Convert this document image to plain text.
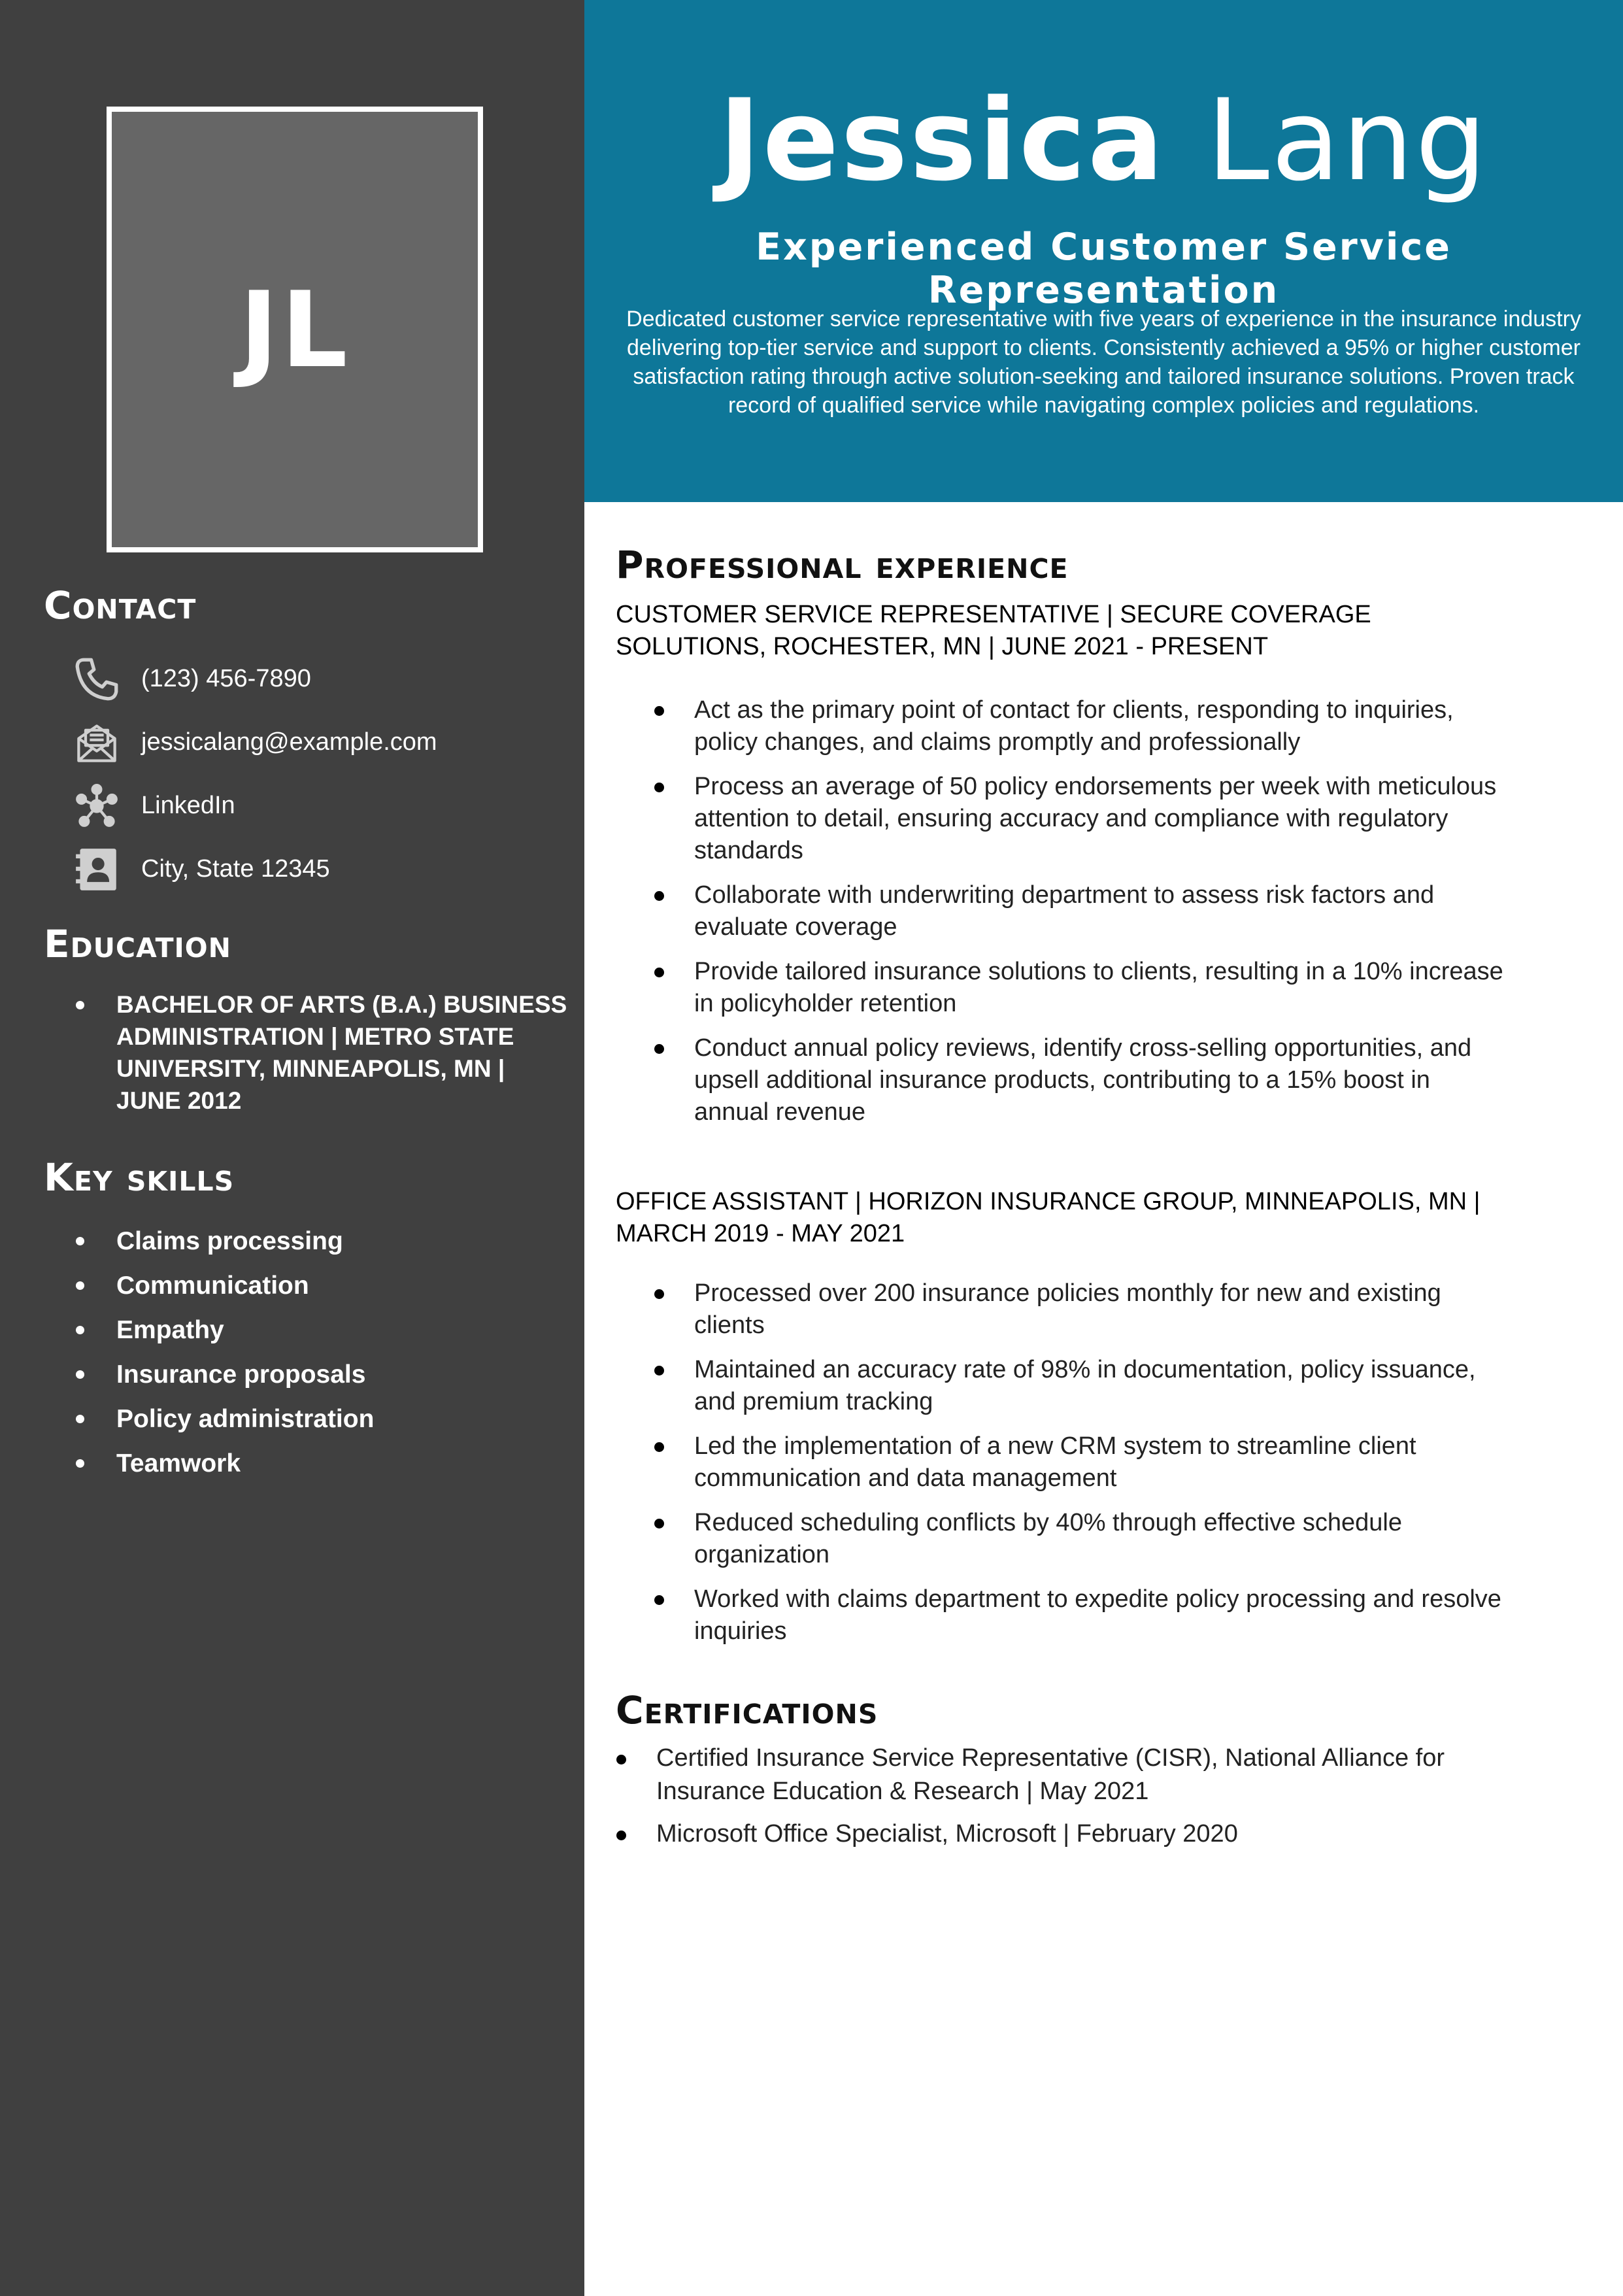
JL
Contact
(123) 456-7890
jessicalang@example.com
LinkedIn
City, State 12345
Education
BACHELOR OF ARTS (B.A.) BUSINESS ADMINISTRATION | METRO STATE UNIVERSITY, MINNEAPOLIS, MN | JUNE 2012
Key skills
Claims processing
Communication
Empathy
Insurance proposals
Policy administration
Teamwork
Jessica Lang
Experienced Customer Service Representation

Dedicated customer service representative with five years of experience in the insurance industry delivering top-tier service and support to clients. Consistently achieved a 95% or higher customer satisfaction rating through active solution-seeking and tailored insurance solutions. Proven track record of qualified service while navigating complex policies and regulations.

Professional experience

CUSTOMER SERVICE REPRESENTATIVE | SECURE COVERAGE SOLUTIONS, ROCHESTER, MN | JUNE 2021 - PRESENT

Act as the primary point of contact for clients, responding to inquiries, policy changes, and claims promptly and professionally
Process an average of 50 policy endorsements per week with meticulous attention to detail, ensuring accuracy and compliance with regulatory standards
Collaborate with underwriting department to assess risk factors and evaluate coverage
Provide tailored insurance solutions to clients, resulting in a 10% increase in policyholder retention
Conduct annual policy reviews, identify cross-selling opportunities, and upsell additional insurance products, contributing to a 15% boost in annual revenue

OFFICE ASSISTANT | HORIZON INSURANCE GROUP, MINNEAPOLIS, MN | MARCH 2019 - MAY 2021

Processed over 200 insurance policies monthly for new and existing clients
Maintained an accuracy rate of 98% in documentation, policy issuance, and premium tracking
Led the implementation of a new CRM system to streamline client communication and data management
Reduced scheduling conflicts by 40% through effective schedule organization
Worked with claims department to expedite policy processing and resolve inquiries
Certifications
Certified Insurance Service Representative (CISR), National Alliance for Insurance Education & Research | May 2021
Microsoft Office Specialist, Microsoft | February 2020
